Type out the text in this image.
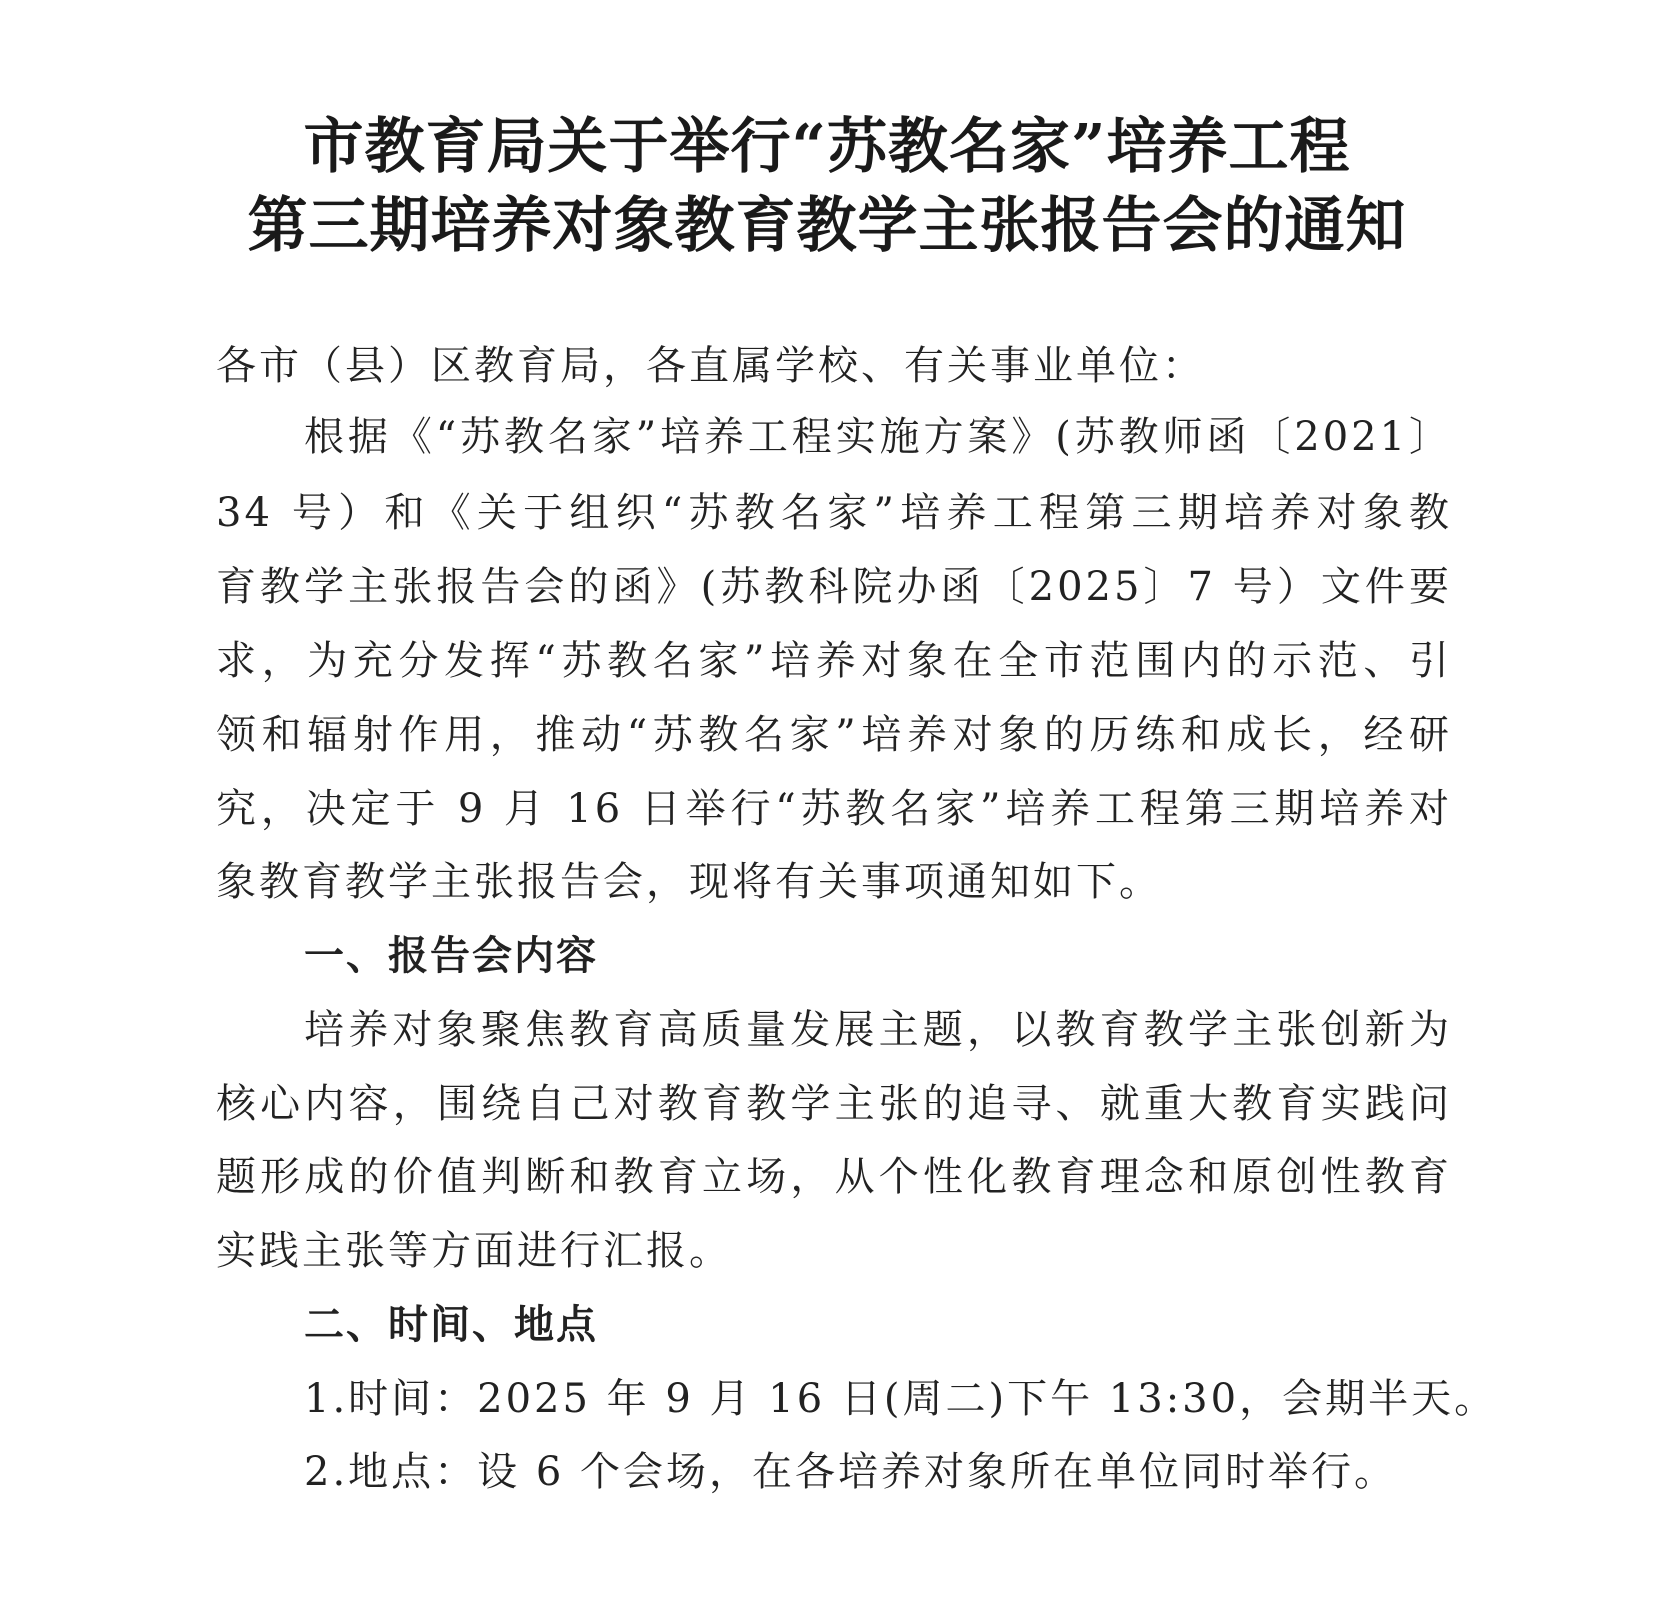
市教育局关于举行“苏教名家”培养工程
第三期培养对象教育教学主张报告会的通知
各市（县）区教育局，各直属学校、有关事业单位：
根据《“苏教名家”培养工程实施方案》(苏教师函〔2021〕
34 号）和《关于组织“苏教名家”培养工程第三期培养对象教
育教学主张报告会的函》(苏教科院办函〔2025〕7 号）文件要
求，为充分发挥“苏教名家”培养对象在全市范围内的示范、引
领和辐射作用，推动“苏教名家”培养对象的历练和成长，经研
究，决定于 9 月 16 日举行“苏教名家”培养工程第三期培养对
象教育教学主张报告会，现将有关事项通知如下。
一、报告会内容
培养对象聚焦教育高质量发展主题，以教育教学主张创新为
核心内容，围绕自己对教育教学主张的追寻、就重大教育实践问
题形成的价值判断和教育立场，从个性化教育理念和原创性教育
实践主张等方面进行汇报。
二、时间、地点
1.时间：2025 年 9 月 16 日(周二)下午 13:30，会期半天。
2.地点：设 6 个会场，在各培养对象所在单位同时举行。
